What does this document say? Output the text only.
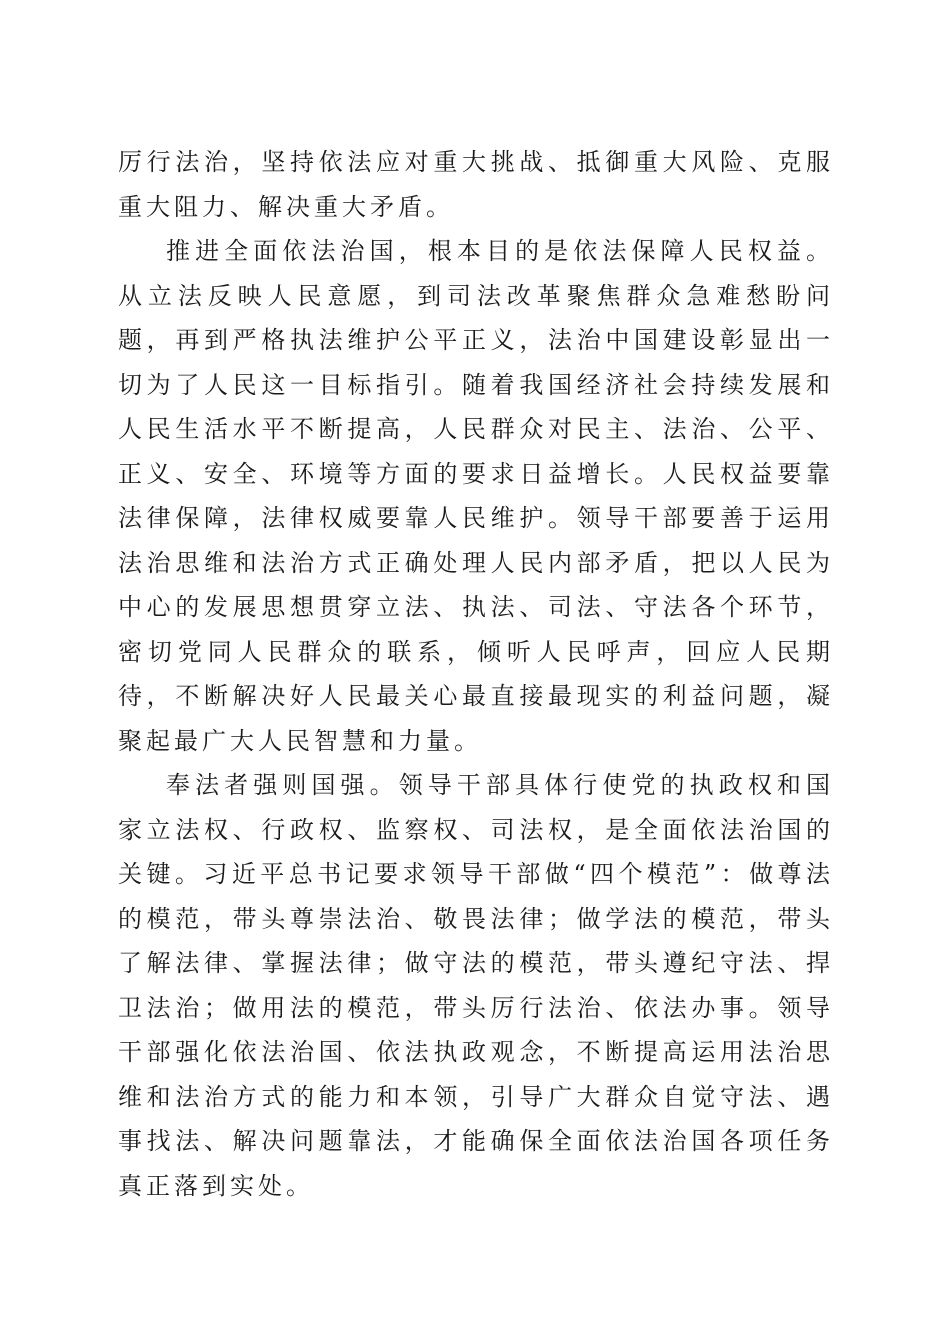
厉行法治，坚持依法应对重大挑战、抵御重大风险、克服重大阻力、解决重大矛盾。

推进全面依法治国，根本目的是依法保障人民权益。从立法反映人民意愿，到司法改革聚焦群众急难愁盼问题，再到严格执法维护公平正义，法治中国建设彰显出一切为了人民这一目标指引。随着我国经济社会持续发展和人民生活水平不断提高，人民群众对民主、法治、公平、正义、安全、环境等方面的要求日益增长。人民权益要靠法律保障，法律权威要靠人民维护。领导干部要善于运用法治思维和法治方式正确处理人民内部矛盾，把以人民为中心的发展思想贯穿立法、执法、司法、守法各个环节，密切党同人民群众的联系，倾听人民呼声，回应人民期待，不断解决好人民最关心最直接最现实的利益问题，凝聚起最广大人民智慧和力量。

奉法者强则国强。领导干部具体行使党的执政权和国家立法权、行政权、监察权、司法权，是全面依法治国的关键。习近平总书记要求领导干部做“四个模范”：做尊法的模范，带头尊崇法治、敬畏法律；做学法的模范，带头了解法律、掌握法律；做守法的模范，带头遵纪守法、捍卫法治；做用法的模范，带头厉行法治、依法办事。领导干部强化依法治国、依法执政观念，不断提高运用法治思维和法治方式的能力和本领，引导广大群众自觉守法、遇事找法、解决问题靠法，才能确保全面依法治国各项任务真正落到实处。
